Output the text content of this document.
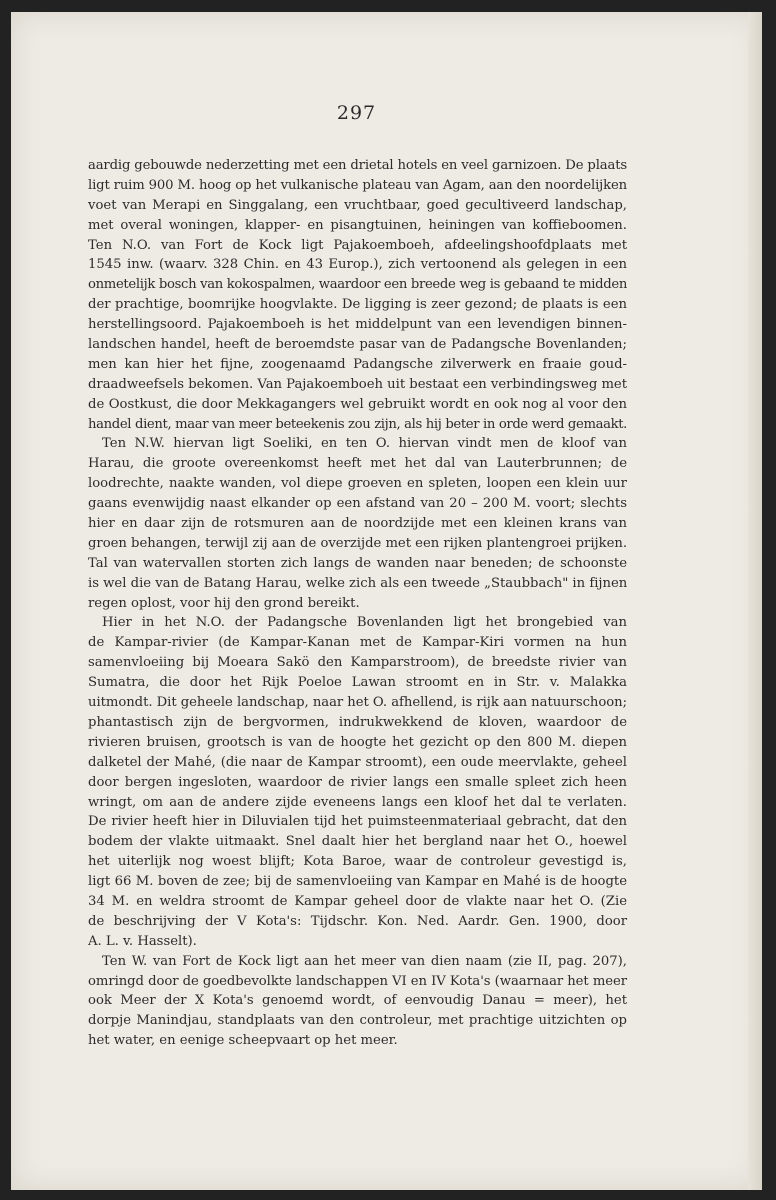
297
aardig gebouwde nederzetting met een drietal hotels en veel garnizoen. De plaats
ligt ruim 900 M. hoog op het vulkanische plateau van Agam, aan den noordelijken
voet van Merapi en Singgalang, een vruchtbaar, goed gecultiveerd landschap,
met overal woningen, klapper- en pisangtuinen, heiningen van koffieboomen.
Ten N.O. van Fort de Kock ligt Pajakoemboeh, afdeelingshoofdplaats met
1545 inw. (waarv. 328 Chin. en 43 Europ.), zich vertoonend als gelegen in een
onmetelijk bosch van kokospalmen, waardoor een breede weg is gebaand te midden
der prachtige, boomrijke hoogvlakte. De ligging is zeer gezond; de plaats is een
herstellingsoord. Pajakoemboeh is het middelpunt van een levendigen binnen-
landschen handel, heeft de beroemdste pasar van de Padangsche Bovenlanden;
men kan hier het fijne, zoogenaamd Padangsche zilverwerk en fraaie goud-
draadweefsels bekomen. Van Pajakoemboeh uit bestaat een verbindingsweg met
de Oostkust, die door Mekkagangers wel gebruikt wordt en ook nog al voor den
handel dient, maar van meer beteekenis zou zijn, als hij beter in orde werd gemaakt.
Ten N.W. hiervan ligt Soeliki, en ten O. hiervan vindt men de kloof van
Harau, die groote overeenkomst heeft met het dal van Lauterbrunnen; de
loodrechte, naakte wanden, vol diepe groeven en spleten, loopen een klein uur
gaans evenwijdig naast elkander op een afstand van 20 – 200 M. voort; slechts
hier en daar zijn de rotsmuren aan de noordzijde met een kleinen krans van
groen behangen, terwijl zij aan de overzijde met een rijken plantengroei prijken.
Tal van watervallen storten zich langs de wanden naar beneden; de schoonste
is wel die van de Batang Harau, welke zich als een tweede „Staubbach" in fijnen
regen oplost, voor hij den grond bereikt.
Hier in het N.O. der Padangsche Bovenlanden ligt het brongebied van
de Kampar-rivier (de Kampar-Kanan met de Kampar-Kiri vormen na hun
samenvloeiing bij Moeara Sakö den Kamparstroom), de breedste rivier van
Sumatra, die door het Rijk Poeloe Lawan stroomt en in Str. v. Malakka
uitmondt. Dit geheele landschap, naar het O. afhellend, is rijk aan natuurschoon;
phantastisch zijn de bergvormen, indrukwekkend de kloven, waardoor de
rivieren bruisen, grootsch is van de hoogte het gezicht op den 800 M. diepen
dalketel der Mahé, (die naar de Kampar stroomt), een oude meervlakte, geheel
door bergen ingesloten, waardoor de rivier langs een smalle spleet zich heen
wringt, om aan de andere zijde eveneens langs een kloof het dal te verlaten.
De rivier heeft hier in Diluvialen tijd het puimsteenmateriaal gebracht, dat den
bodem der vlakte uitmaakt. Snel daalt hier het bergland naar het O., hoewel
het uiterlijk nog woest blijft; Kota Baroe, waar de controleur gevestigd is,
ligt 66 M. boven de zee; bij de samenvloeiing van Kampar en Mahé is de hoogte
34 M. en weldra stroomt de Kampar geheel door de vlakte naar het O. (Zie
de beschrijving der V Kota's: Tijdschr. Kon. Ned. Aardr. Gen. 1900, door
A. L. v. Hasselt).
Ten W. van Fort de Kock ligt aan het meer van dien naam (zie II, pag. 207),
omringd door de goedbevolkte landschappen VI en IV Kota's (waarnaar het meer
ook Meer der X Kota's genoemd wordt, of eenvoudig Danau = meer), het
dorpje Manindjau, standplaats van den controleur, met prachtige uitzichten op
het water, en eenige scheepvaart op het meer.
